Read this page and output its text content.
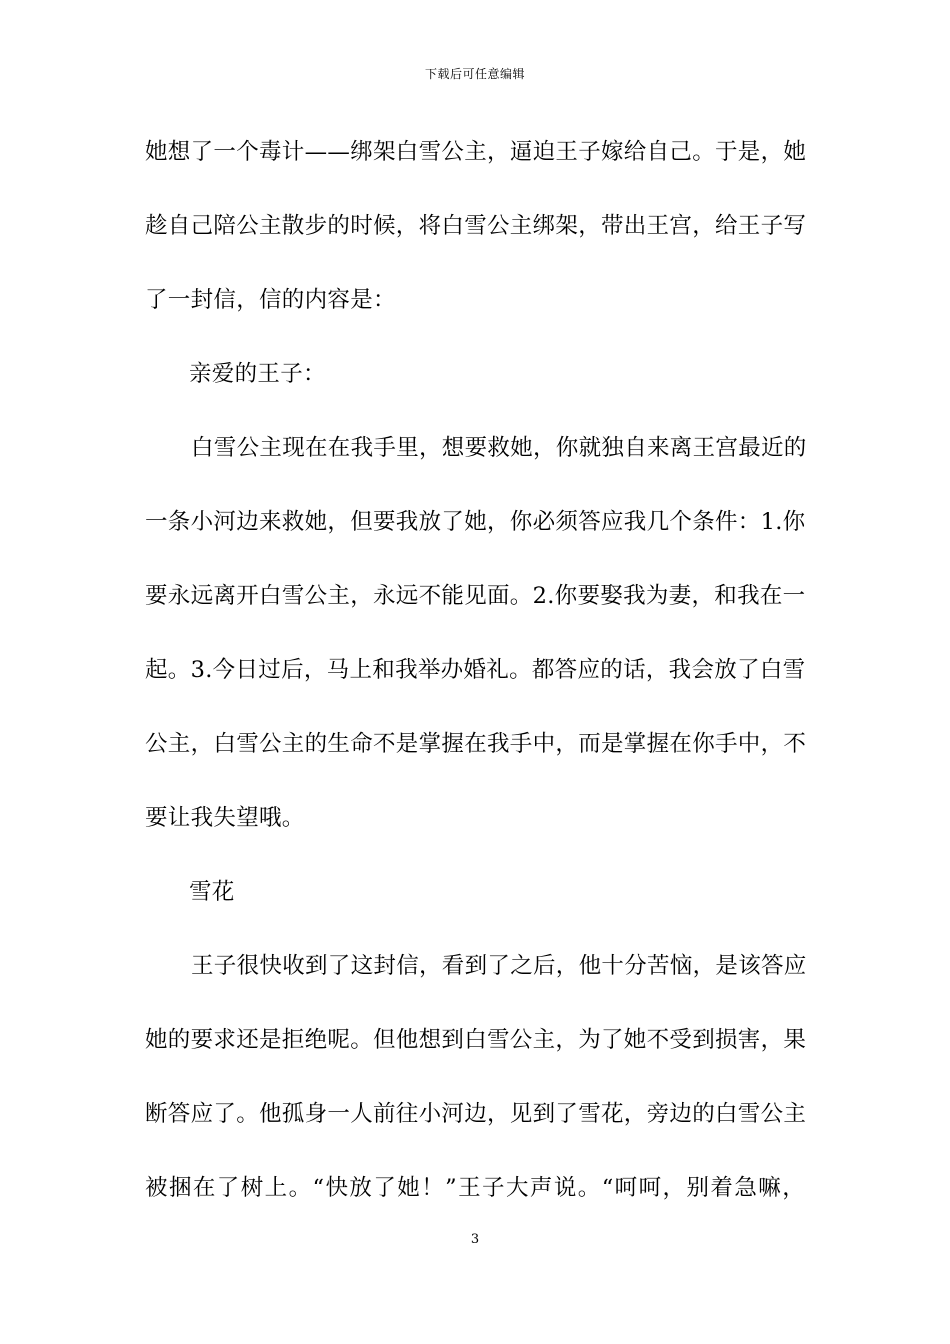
下载后可任意编辑
她想了一个毒计——绑架白雪公主，逼迫王子嫁给自己。于是，她
趁自己陪公主散步的时候，将白雪公主绑架，带出王宫，给王子写
了一封信，信的内容是：
亲爱的王子：
白雪公主现在在我手里，想要救她，你就独自来离王宫最近的
一条小河边来救她，但要我放了她，你必须答应我几个条件：1.你
要永远离开白雪公主，永远不能见面。2.你要娶我为妻，和我在一
起。3.今日过后，马上和我举办婚礼。都答应的话，我会放了白雪
公主，白雪公主的生命不是掌握在我手中，而是掌握在你手中，不
要让我失望哦。
雪花
王子很快收到了这封信，看到了之后，他十分苦恼，是该答应
她的要求还是拒绝呢。但他想到白雪公主，为了她不受到损害，果
断答应了。他孤身一人前往小河边，见到了雪花，旁边的白雪公主
被捆在了树上。“快放了她！”王子大声说。“呵呵，别着急嘛，
3
